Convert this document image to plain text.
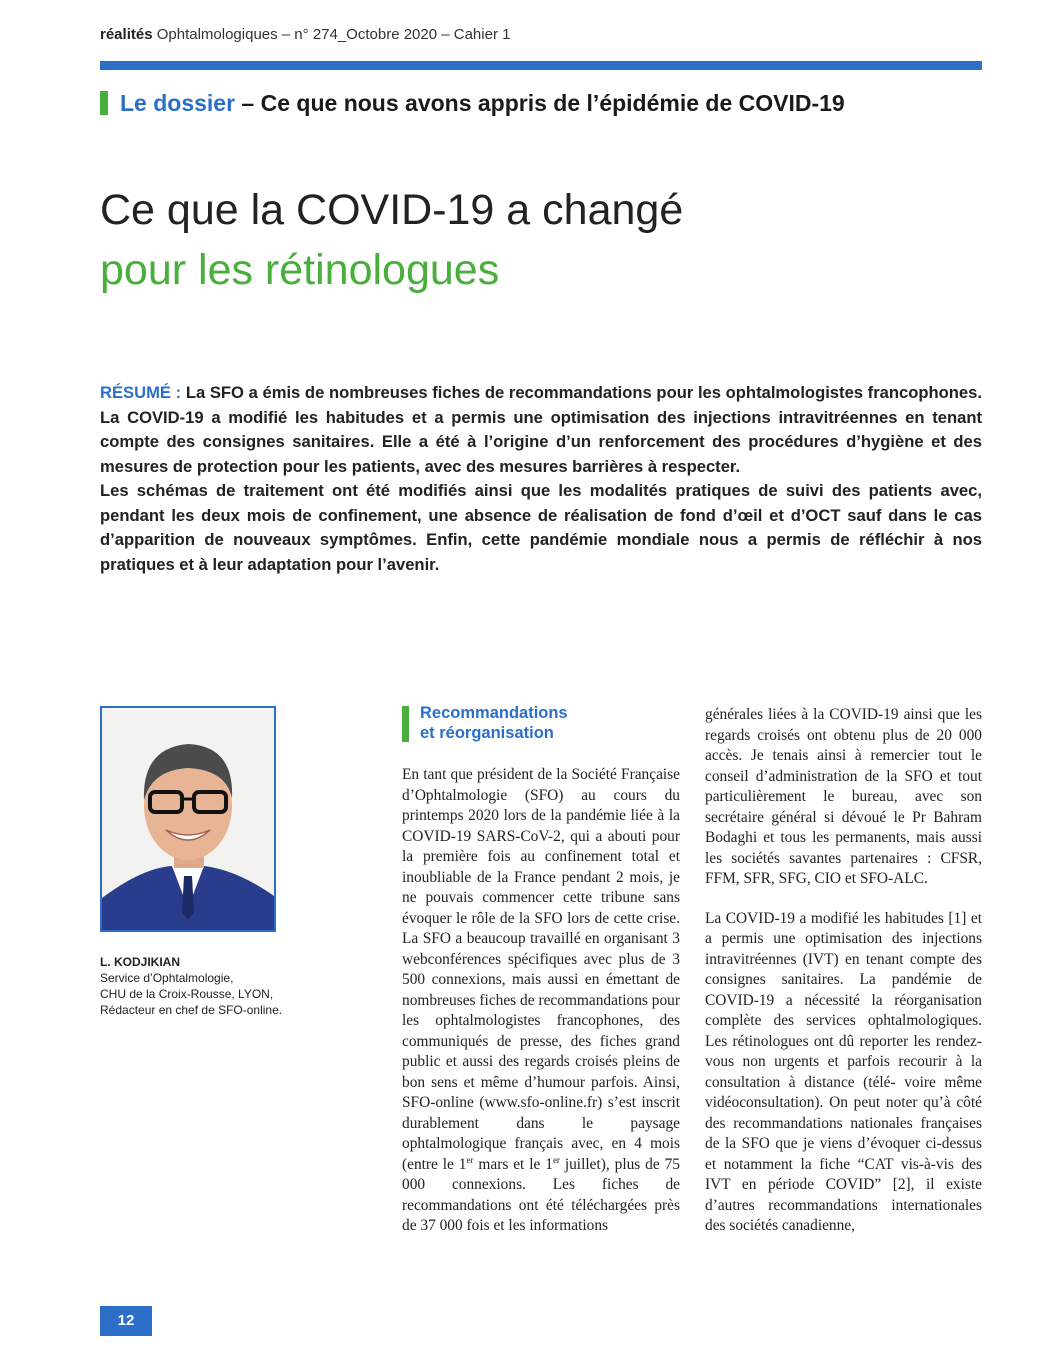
réalités Ophtalmologiques – n° 274_Octobre 2020 – Cahier 1
Le dossier – Ce que nous avons appris de l’épidémie de COVID-19
Ce que la COVID-19 a changé
pour les rétinologues

RÉSUMÉ : La SFO a émis de nombreuses fiches de recommandations pour les ophtalmologistes francophones. La COVID-19 a modifié les habitudes et a permis une optimisation des injections intravitréennes en tenant compte des consignes sanitaires. Elle a été à l’origine d’un renforcement des procédures d’hygiène et des mesures de protection pour les patients, avec des mesures barrières à respecter.

Les schémas de traitement ont été modifiés ainsi que les modalités pratiques de suivi des patients avec, pendant les deux mois de confinement, une absence de réalisation de fond d’œil et d’OCT sauf dans le cas d’apparition de nouveaux symptômes. Enfin, cette pandémie mondiale nous a permis de réfléchir à nos pratiques et à leur adaptation pour l’avenir.

L. KODJIKIAN
Service d’Ophtalmologie,
CHU de la Croix-Rousse, LYON,
Rédacteur en chef de SFO-online.
Recommandations
et réorganisation

En tant que président de la Société Française d’Ophtalmologie (SFO) au cours du printemps 2020 lors de la pandémie liée à la COVID-19 SARS-CoV-2, qui a abouti pour la première fois au confinement total et inoubliable de la France pendant 2 mois, je ne pouvais commencer cette tribune sans évoquer le rôle de la SFO lors de cette crise. La SFO a beaucoup travaillé en organisant 3 webconférences spécifiques avec plus de 3 500 connexions, mais aussi en émettant de nombreuses fiches de recommandations pour les ophtalmologistes francophones, des communiqués de presse, des fiches grand public et aussi des regards croisés pleins de bon sens et même d’humour parfois. Ainsi, SFO-online (www.sfo-online.fr) s’est inscrit durablement dans le paysage ophtalmologique français avec, en 4 mois (entre le 1er mars et le 1er juillet), plus de 75 000 connexions. Les fiches de recommandations ont été téléchargées près de 37 000 fois et les informations

générales liées à la COVID-19 ainsi que les regards croisés ont obtenu plus de 20 000 accès. Je tenais ainsi à remercier tout le conseil d’administration de la SFO et tout particulièrement le bureau, avec son secrétaire général si dévoué le Pr Bahram Bodaghi et tous les permanents, mais aussi les sociétés savantes partenaires : CFSR, FFM, SFR, SFG, CIO et SFO-ALC.

La COVID-19 a modifié les habitudes [1] et a permis une optimisation des injections intravitréennes (IVT) en tenant compte des consignes sanitaires. La pandémie de COVID-19 a nécessité la réorganisation complète des services ophtalmologiques. Les rétinologues ont dû reporter les rendez-vous non urgents et parfois recourir à la consultation à distance (télé- voire même vidéoconsultation). On peut noter qu’à côté des recommandations nationales françaises de la SFO que je viens d’évoquer ci-dessus et notamment la fiche “CAT vis-à-vis des IVT en période COVID” [2], il existe d’autres recommandations internationales des sociétés canadienne,

12
